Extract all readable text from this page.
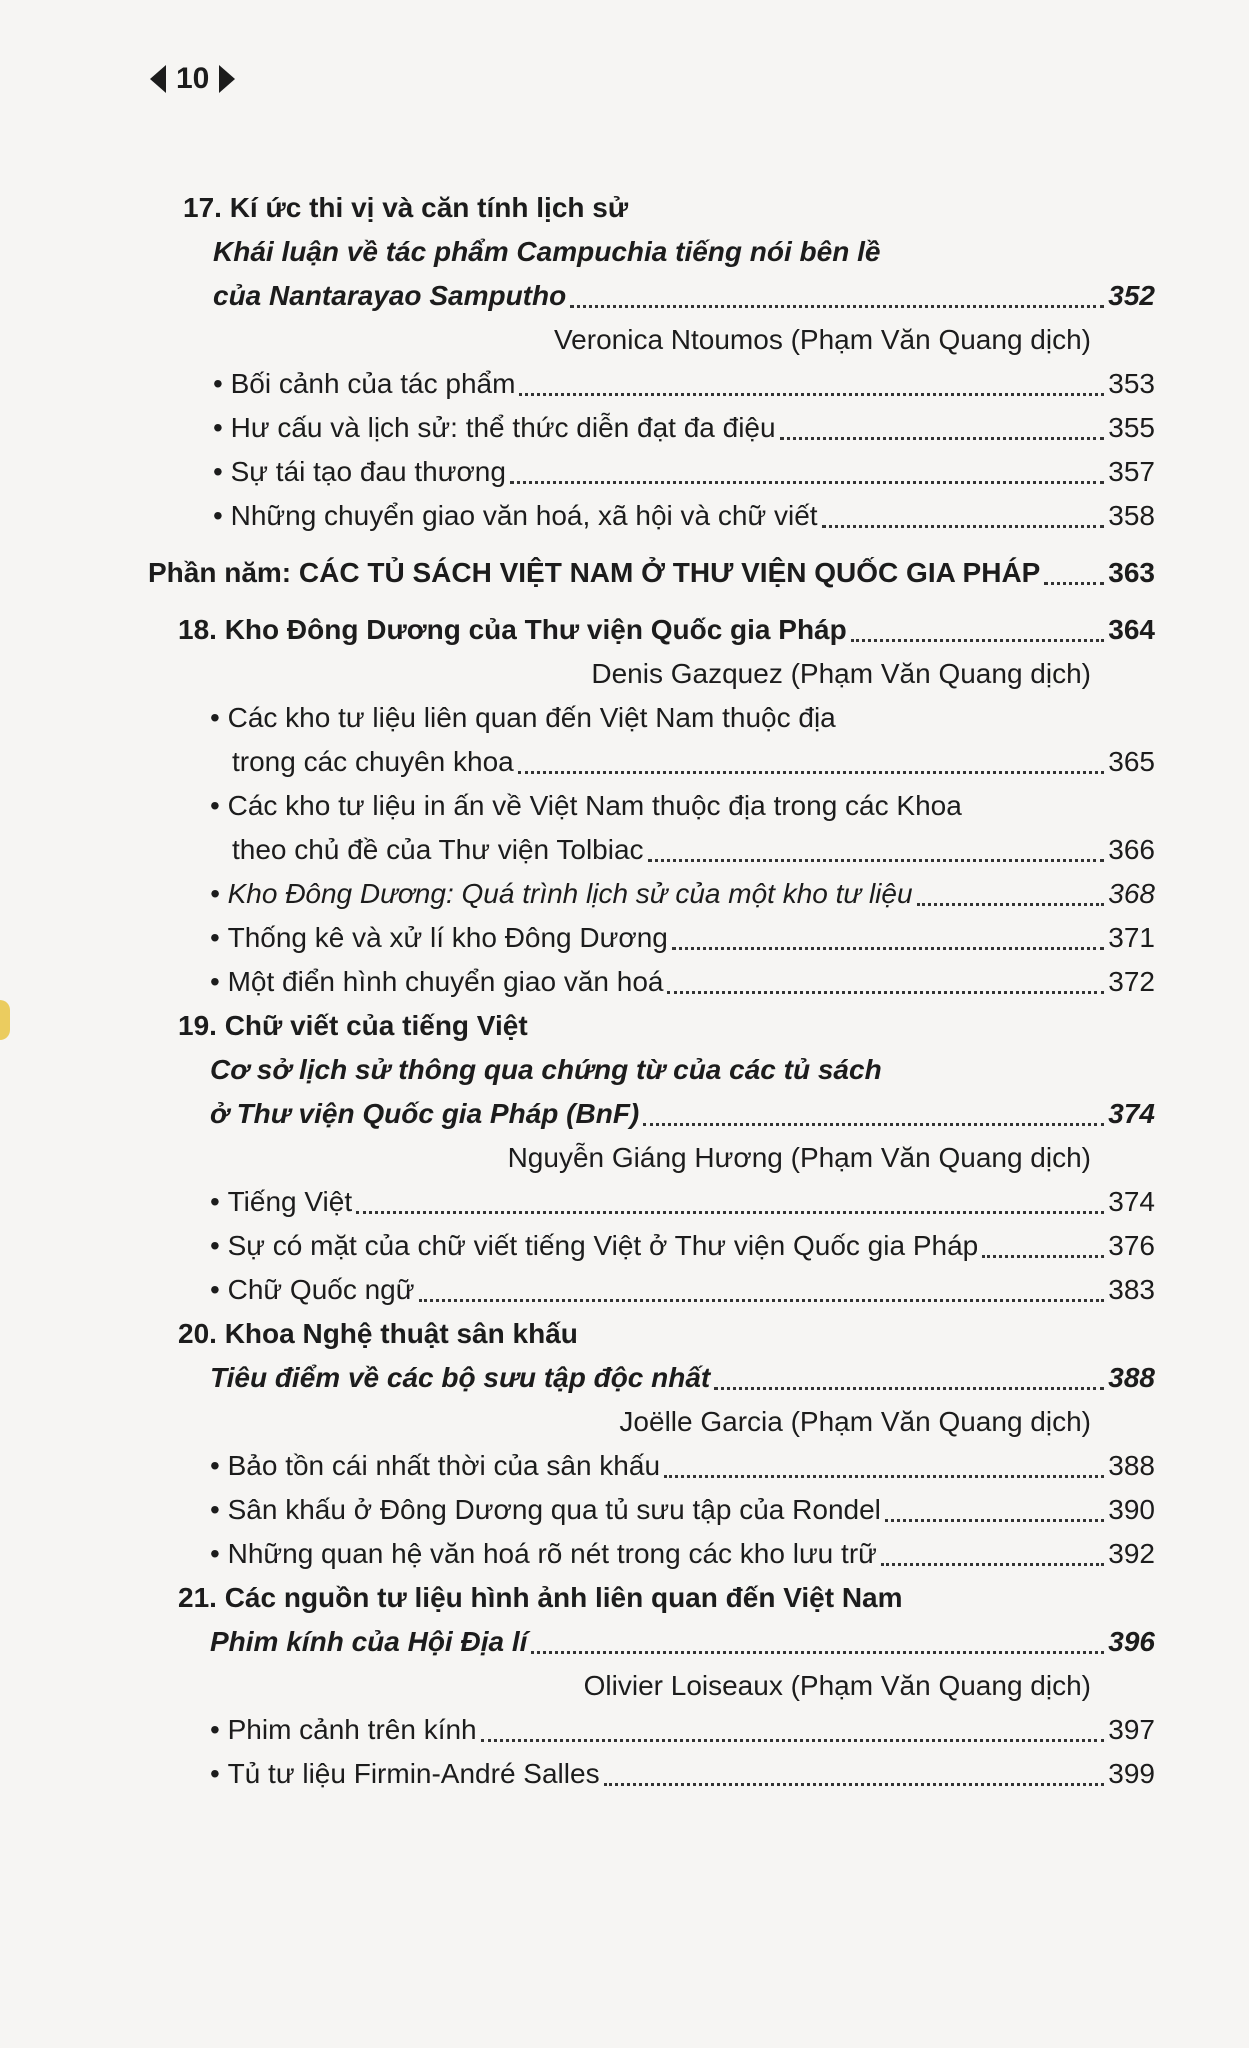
10
17. Kí ức thi vị và căn tính lịch sử
Khái luận về tác phẩm Campuchia tiếng nói bên lề
của Nantarayao Samputho	352
Veronica Ntoumos (Phạm Văn Quang dịch)
• Bối cảnh của tác phẩm	353
• Hư cấu và lịch sử: thể thức diễn đạt đa điệu	355
• Sự tái tạo đau thương	357
• Những chuyển giao văn hoá, xã hội và chữ viết	358
Phần năm: CÁC TỦ SÁCH VIỆT NAM Ở THƯ VIỆN QUỐC GIA PHÁP 363
18. Kho Đông Dương của Thư viện Quốc gia Pháp	364
Denis Gazquez (Phạm Văn Quang dịch)
• Các kho tư liệu liên quan đến Việt Nam thuộc địa
trong các chuyên khoa	365
• Các kho tư liệu in ấn về Việt Nam thuộc địa trong các Khoa
theo chủ đề của Thư viện Tolbiac	366
• Kho Đông Dương: Quá trình lịch sử của một kho tư liệu	368
• Thống kê và xử lí kho Đông Dương	371
• Một điển hình chuyển giao văn hoá	372
19. Chữ viết của tiếng Việt
Cơ sở lịch sử thông qua chứng từ của các tủ sách
ở Thư viện Quốc gia Pháp (BnF)	374
Nguyễn Giáng Hương (Phạm Văn Quang dịch)
• Tiếng Việt	374
• Sự có mặt của chữ viết tiếng Việt ở Thư viện Quốc gia Pháp	376
• Chữ Quốc ngữ	383
20. Khoa Nghệ thuật sân khấu
Tiêu điểm về các bộ sưu tập độc nhất	388
Joëlle Garcia (Phạm Văn Quang dịch)
• Bảo tồn cái nhất thời của sân khấu	388
• Sân khấu ở Đông Dương qua tủ sưu tập của Rondel	390
• Những quan hệ văn hoá rõ nét trong các kho lưu trữ	392
21. Các nguồn tư liệu hình ảnh liên quan đến Việt Nam
Phim kính của Hội Địa lí	396
Olivier Loiseaux (Phạm Văn Quang dịch)
• Phim cảnh trên kính	397
• Tủ tư liệu Firmin-André Salles	399
